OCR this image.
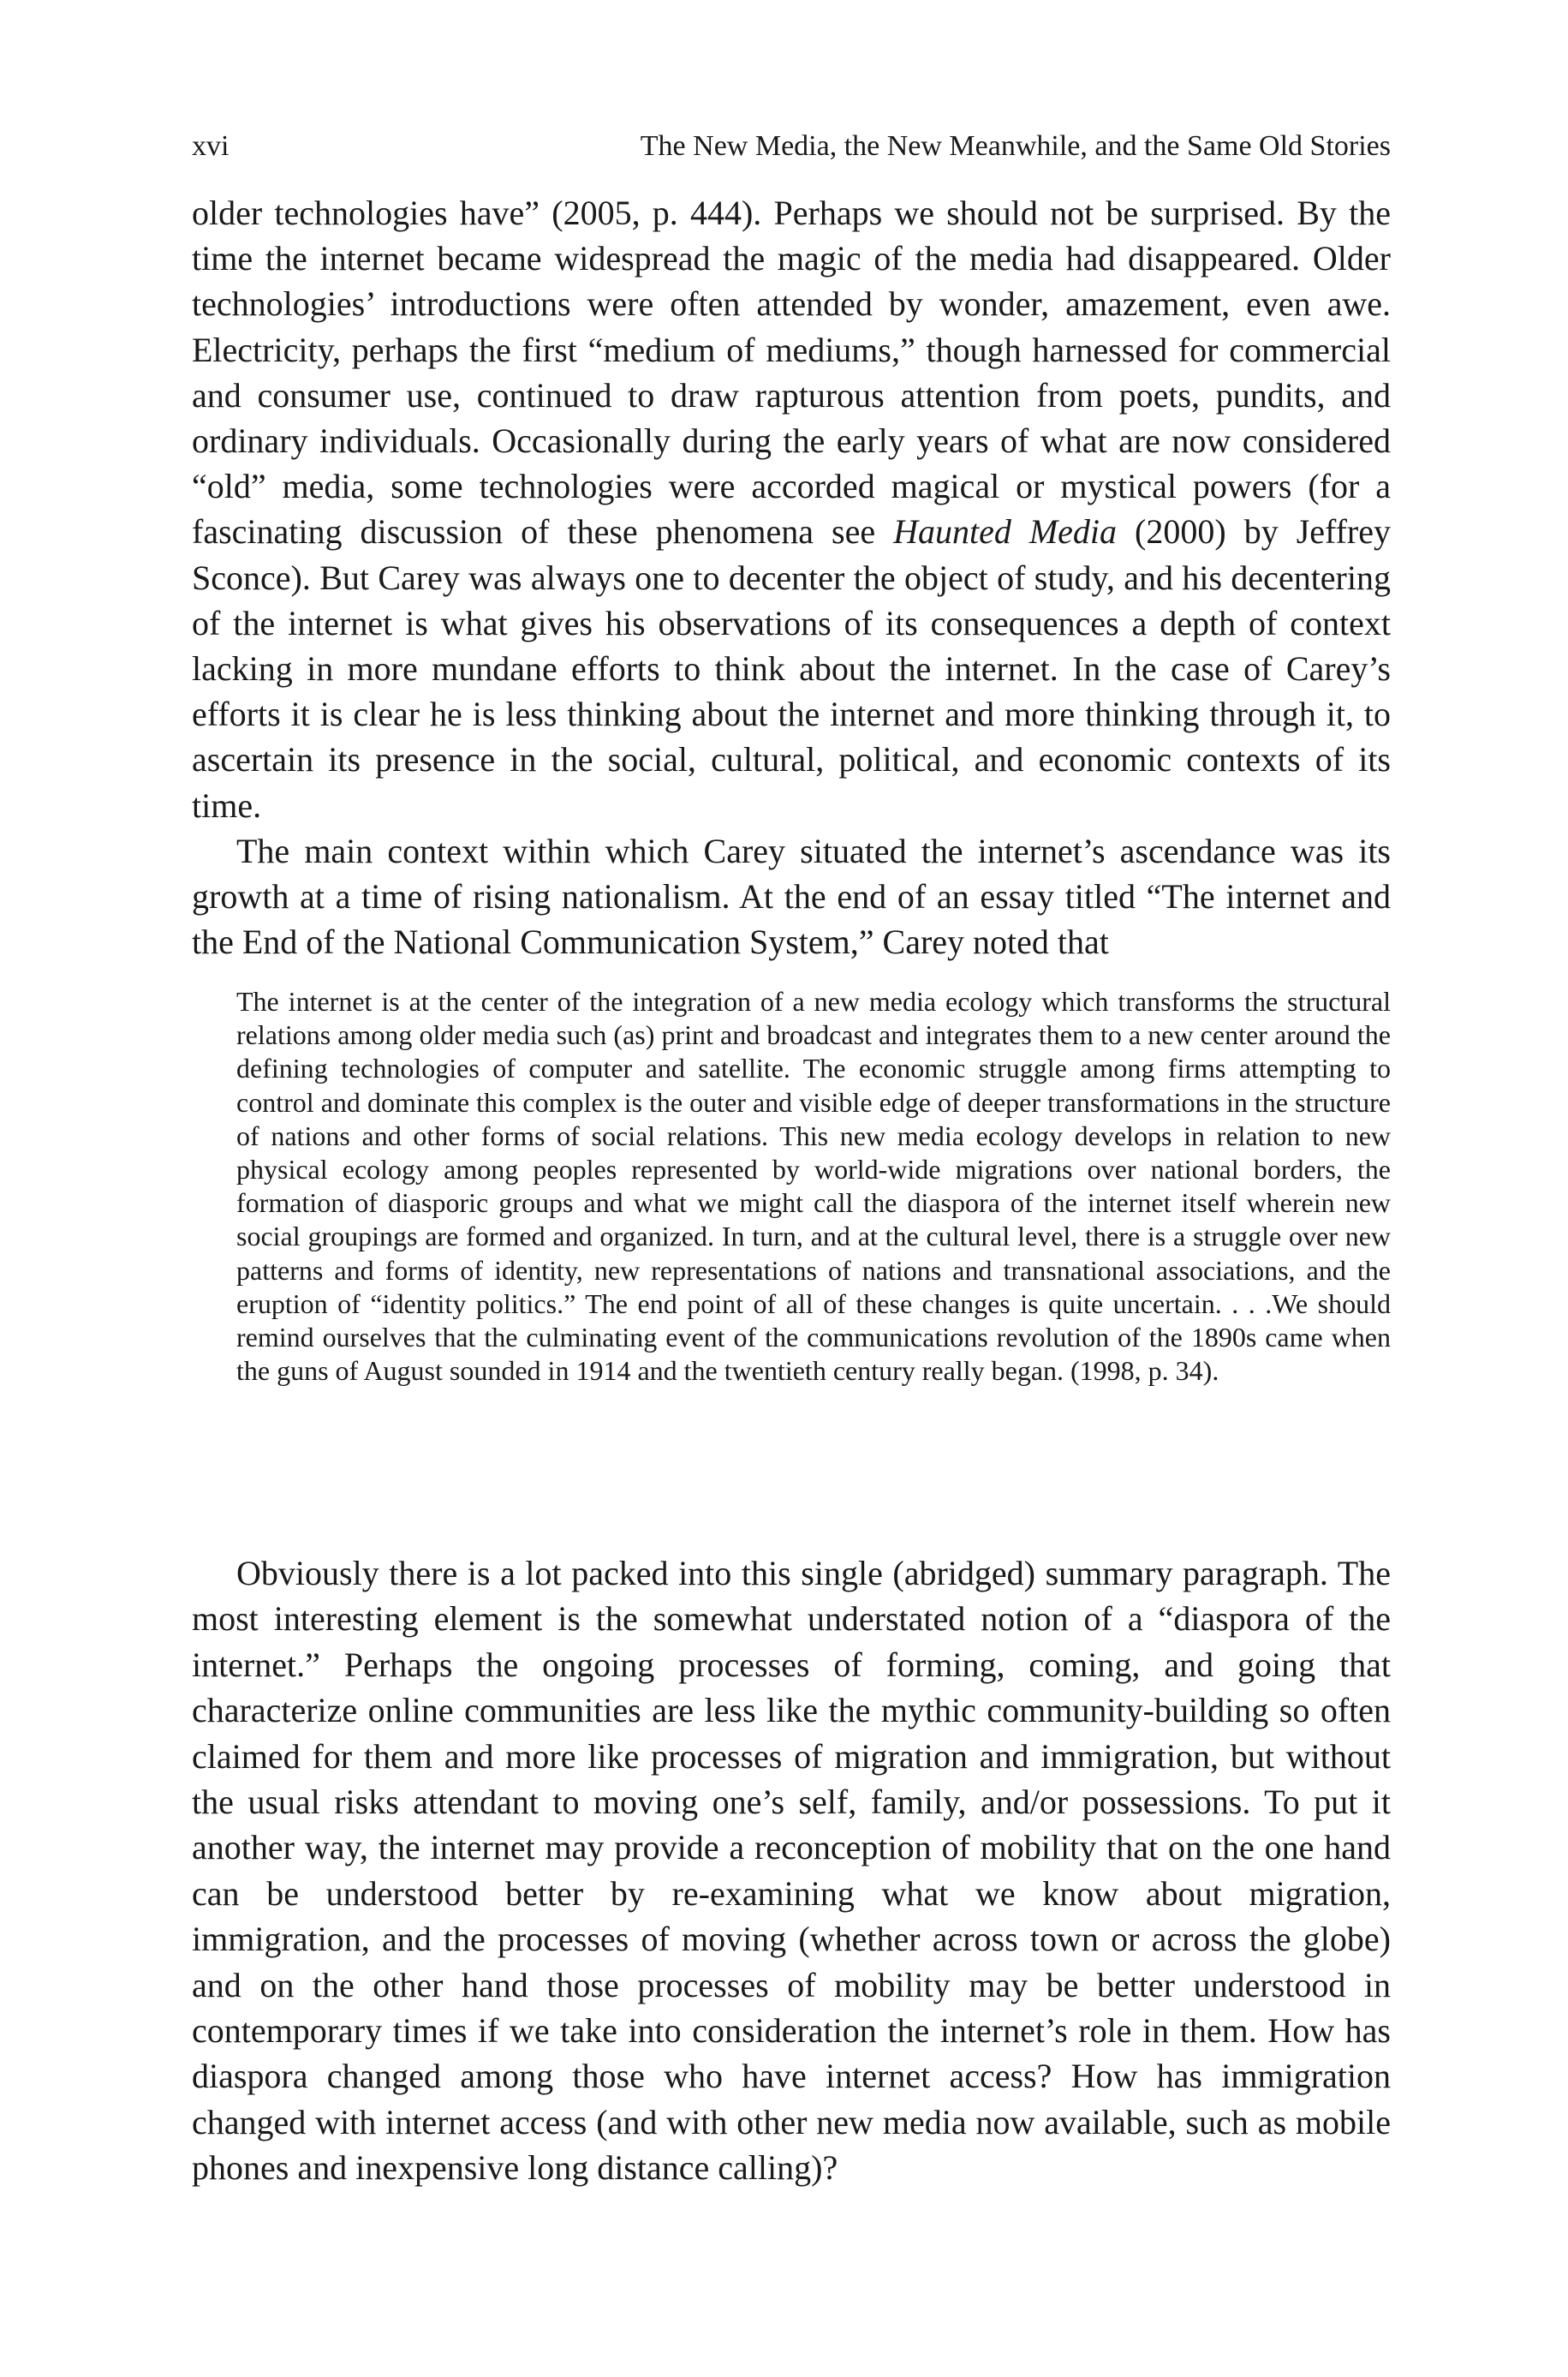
xvi	The New Media, the New Meanwhile, and the Same Old Stories

older technologies have” (2005, p. 444). Perhaps we should not be surprised. By the time the internet became widespread the magic of the media had disappeared. Older technologies’ introductions were often attended by wonder, amazement, even awe. Electricity, perhaps the first “medium of mediums,” though harnessed for commercial and consumer use, continued to draw rapturous attention from poets, pundits, and ordinary individuals. Occasionally during the early years of what are now considered “old” media, some technologies were accorded magical or mystical powers (for a fascinating discussion of these phenomena see Haunted Media (2000) by Jeffrey Sconce). But Carey was always one to decenter the object of study, and his decentering of the internet is what gives his observations of its consequences a depth of context lacking in more mundane efforts to think about the internet. In the case of Carey’s efforts it is clear he is less thinking about the internet and more thinking through it, to ascertain its presence in the social, cultural, political, and economic contexts of its time.

The main context within which Carey situated the internet’s ascendance was its growth at a time of rising nationalism. At the end of an essay titled “The internet and the End of the National Communication System,” Carey noted that

The internet is at the center of the integration of a new media ecology which transforms the structural relations among older media such (as) print and broadcast and integrates them to a new center around the defining technologies of computer and satellite. The economic struggle among firms attempting to control and dominate this complex is the outer and visible edge of deeper transformations in the structure of nations and other forms of social relations. This new media ecology develops in relation to new physical ecology among peoples represented by world-wide migrations over national borders, the formation of diasporic groups and what we might call the diaspora of the internet itself wherein new social groupings are formed and organized. In turn, and at the cultural level, there is a struggle over new patterns and forms of identity, new representations of nations and transnational associations, and the eruption of “identity politics.” The end point of all of these changes is quite uncertain. . . .We should remind ourselves that the culminating event of the communications revolution of the 1890s came when the guns of August sounded in 1914 and the twentieth century really began. (1998, p. 34).

Obviously there is a lot packed into this single (abridged) summary paragraph. The most interesting element is the somewhat understated notion of a “diaspora of the internet.” Perhaps the ongoing processes of forming, coming, and going that characterize online communities are less like the mythic community-building so often claimed for them and more like processes of migration and immigration, but without the usual risks attendant to moving one’s self, family, and/or possessions. To put it another way, the internet may provide a reconception of mobility that on the one hand can be understood better by re-examining what we know about migration, immigration, and the processes of moving (whether across town or across the globe) and on the other hand those processes of mobility may be better understood in contemporary times if we take into consideration the internet’s role in them. How has diaspora changed among those who have internet access? How has immigration changed with internet access (and with other new media now available, such as mobile phones and inexpensive long distance calling)?
